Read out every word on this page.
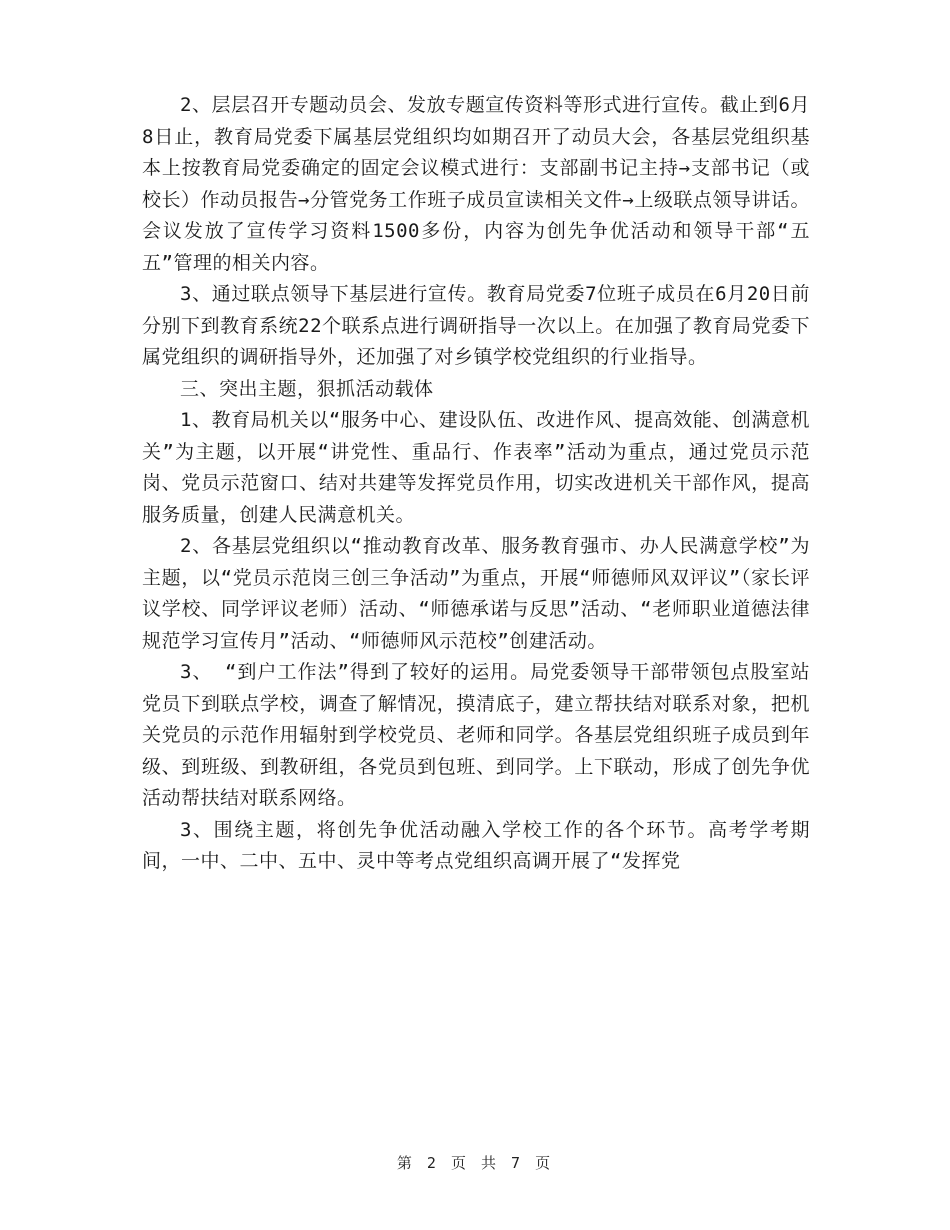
2、层层召开专题动员会、发放专题宣传资料等形式进行宣传。截止到6月8日止，教育局党委下属基层党组织均如期召开了动员大会，各基层党组织基本上按教育局党委确定的固定会议模式进行：支部副书记主持→支部书记（或校长）作动员报告→分管党务工作班子成员宣读相关文件→上级联点领导讲话。会议发放了宣传学习资料1500多份，内容为创先争优活动和领导干部“五五”管理的相关内容。

3、通过联点领导下基层进行宣传。教育局党委7位班子成员在6月20日前分别下到教育系统22个联系点进行调研指导一次以上。在加强了教育局党委下属党组织的调研指导外，还加强了对乡镇学校党组织的行业指导。

三、突出主题，狠抓活动载体

1、教育局机关以“服务中心、建设队伍、改进作风、提高效能、创满意机关”为主题，以开展“讲党性、重品行、作表率”活动为重点，通过党员示范岗、党员示范窗口、结对共建等发挥党员作用，切实改进机关干部作风，提高服务质量，创建人民满意机关。

2、各基层党组织以“推动教育改革、服务教育强市、办人民满意学校”为主题，以“党员示范岗三创三争活动”为重点，开展“师德师风双评议”（家长评议学校、同学评议老师）活动、“师德承诺与反思”活动、“老师职业道德法律规范学习宣传月”活动、“师德师风示范校”创建活动。

3、 “到户工作法”得到了较好的运用。局党委领导干部带领包点股室站党员下到联点学校，调查了解情况，摸清底子，建立帮扶结对联系对象，把机关党员的示范作用辐射到学校党员、老师和同学。各基层党组织班子成员到年级、到班级、到教研组，各党员到包班、到同学。上下联动，形成了创先争优活动帮扶结对联系网络。

3、围绕主题，将创先争优活动融入学校工作的各个环节。高考学考期间，一中、二中、五中、灵中等考点党组织高调开展了“发挥党

第 2 页 共 7 页
